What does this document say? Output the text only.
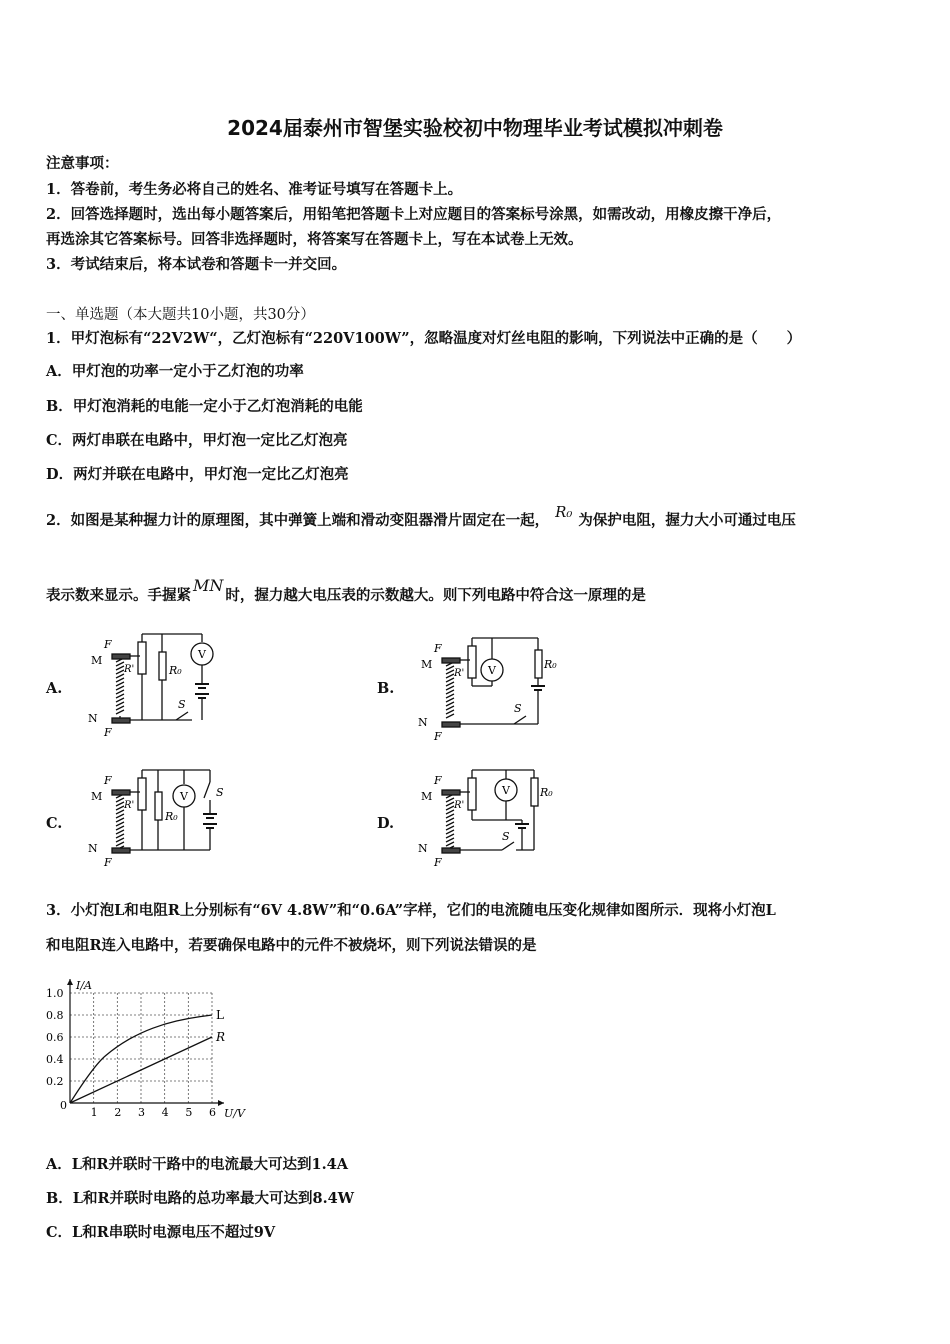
2024届泰州市智堡实验校初中物理毕业考试模拟冲刺卷
注意事项：
1．答卷前，考生务必将自己的姓名、准考证号填写在答题卡上。
2．回答选择题时，选出每小题答案后，用铅笔把答题卡上对应题目的答案标号涂黑，如需改动，用橡皮擦干净后，
再选涂其它答案标号。回答非选择题时，将答案写在答题卡上，写在本试卷上无效。
3．考试结束后，将本试卷和答题卡一并交回。
一、单选题（本大题共10小题，共30分）
1．甲灯泡标有“22V2W“，乙灯泡标有“220V100W”，忽略温度对灯丝电阻的影响，下列说法中正确的是（　　）
A．甲灯泡的功率一定小于乙灯泡的功率
B．甲灯泡消耗的电能一定小于乙灯泡消耗的电能
C．两灯串联在电路中，甲灯泡一定比乙灯泡亮
D．两灯并联在电路中，甲灯泡一定比乙灯泡亮
2．如图是某种握力计的原理图，其中弹簧上端和滑动变阻器滑片固定在一起， R₀ 为保护电阻，握力大小可通过电压
表示数来显示。手握紧MN时，握力越大电压表的示数越大。则下列电路中符合这一原理的是
A.	B.
C.	D.
M
F
N
F
R'	R₀
V
S
M
F
N
F
R'
R₀
V
S
M
F
N
F
R'
R₀
V	S	M
F
N
F
R'
R₀
V
S
3．小灯泡L和电阻R上分别标有“6V 4.8W”和“0.6A”字样，它们的电流随电压变化规律如图所示．现将小灯泡L
和电阻R连入电路中，若要确保电路中的元件不被烧坏，则下列说法错误的是
1 2 3 4 5 6
0.2
0.4
0.6
0.8
1.0
0
U/V
I/A
L
R
A．L和R并联时干路中的电流最大可达到1.4A
B．L和R并联时电路的总功率最大可达到8.4W
C．L和R串联时电源电压不超过9V
